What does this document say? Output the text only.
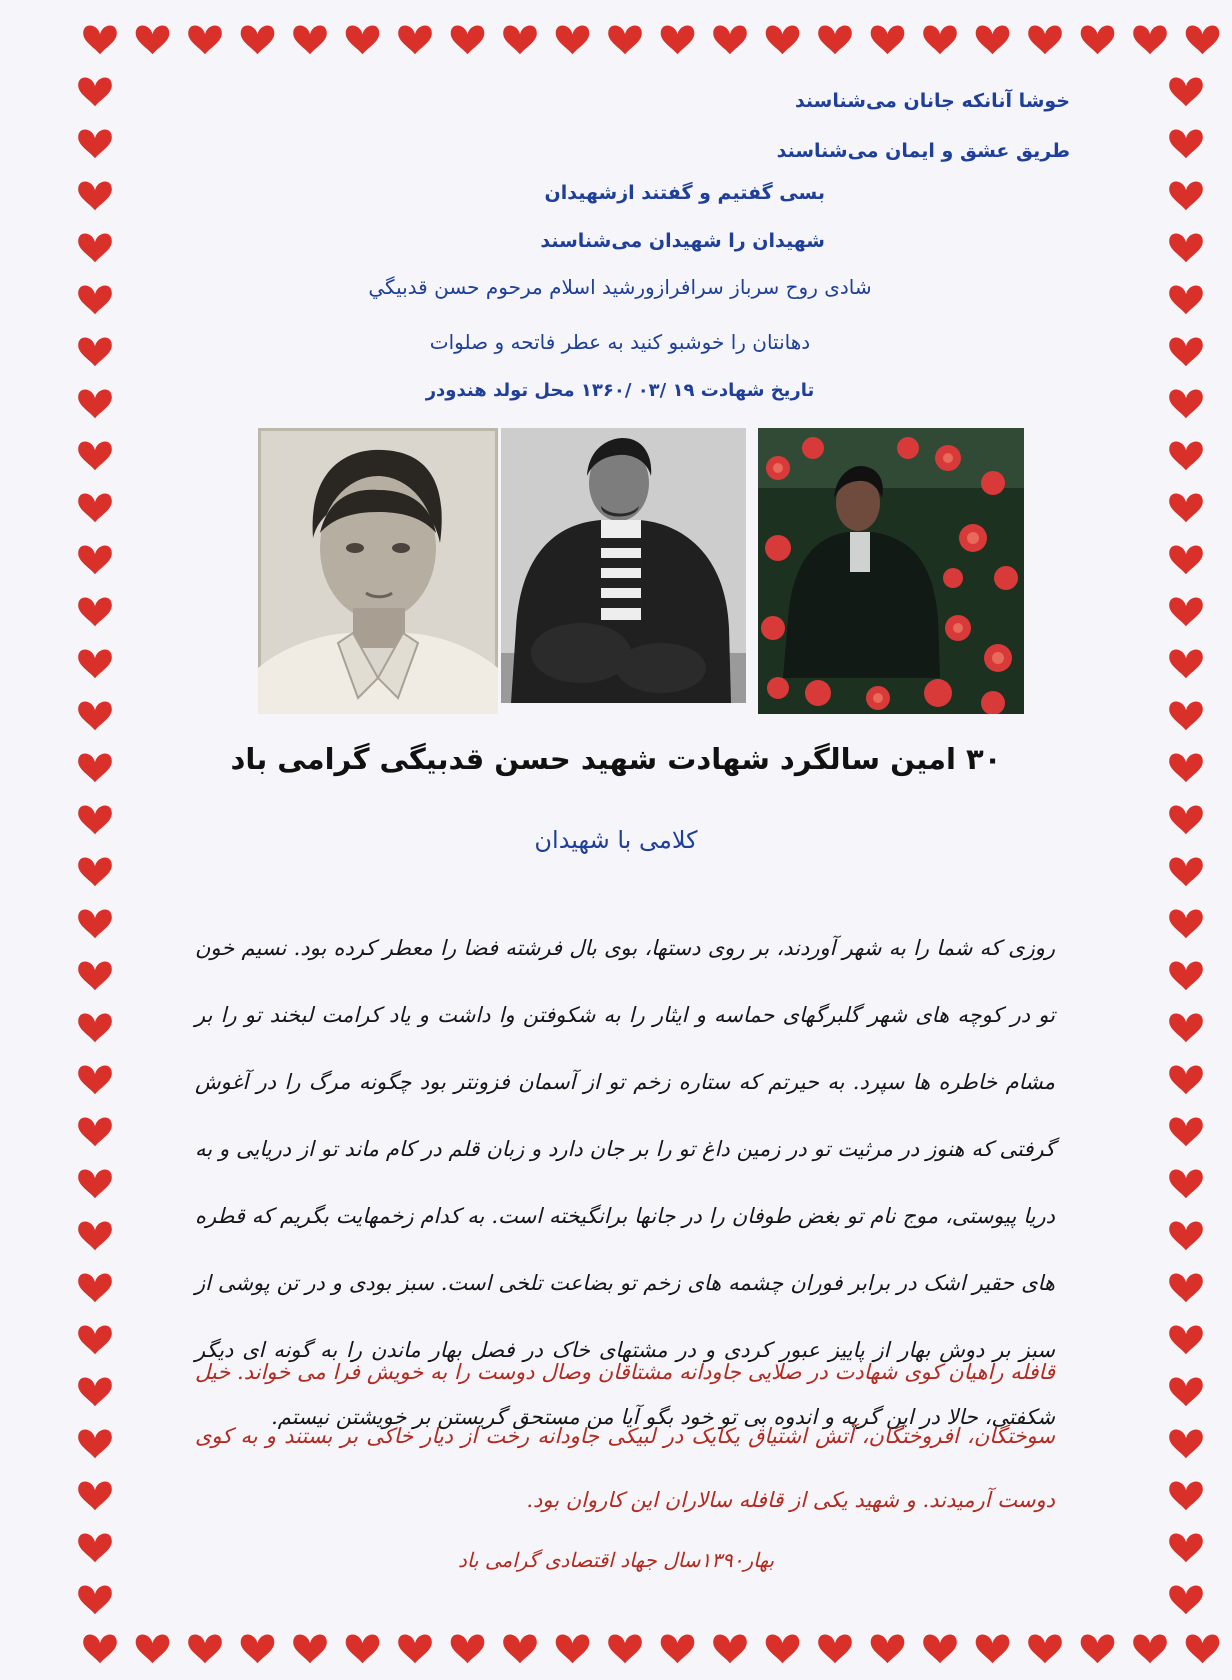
خوشا آنانکه جانان می‌شناسند
طریق عشق و ایمان می‌شناسند
بسی گفتیم و گفتند ازشهیدان
شهیدان را شهیدان می‌شناسند
شادی روح سرباز سرافرازورشید اسلام مرحوم حسن قدبیگي
دهانتان را خوشبو کنید به عطر فاتحه و صلوات
تاریخ شهادت ۱۹ /۰۳ /۱۳۶۰ محل تولد هندودر
۳۰ امین سالگرد شهادت شهید حسن قدبیگی گرامی باد
کلامی با شهیدان
روزی که شما را به شهر آوردند، بر روی دستها، بوی بال فرشته فضا را معطر کرده بود. نسیم خون تو در کوچه های شهر گلبرگهای حماسه و ایثار را به شکوفتن وا داشت و یاد کرامت لبخند تو را بر مشام خاطره ها سپرد. به حیرتم که ستاره زخم تو از آسمان فزونتر بود چگونه مرگ را در آغوش گرفتی که هنوز در مرثیت تو در زمین داغ تو را بر جان دارد و زبان قلم در کام ماند تو از دریایی و به دریا پیوستی، موج نام تو بغض طوفان را در جانها برانگیخته است. به کدام زخمهایت بگریم که قطره های حقیر اشک در برابر فوران چشمه های زخم تو بضاعت تلخی است. سبز بودی و در تن پوشی از سبز بر دوش بهار از پاییز عبور کردی و در مشتهای خاک در فصل بهار ماندن را به گونه ای دیگر شکفتی، حالا در این گریه و اندوه بی تو خود بگو آیا من مستحق گریستن بر خویشتن نیستم.
قافله راهیان کوی شهادت در صلایی جاودانه مشتاقان وصال دوست را به خویش فرا می خواند. خیل سوختگان، افروختگان، آتش اشتیاق یکایک در لبیکی جاودانه رخت از دیار خاکی بر بستند و به کوی دوست آرمیدند. و شهید یکی از قافله سالاران این کاروان بود.
بهار۱۳۹۰سال جهاد اقتصادی گرامی باد
